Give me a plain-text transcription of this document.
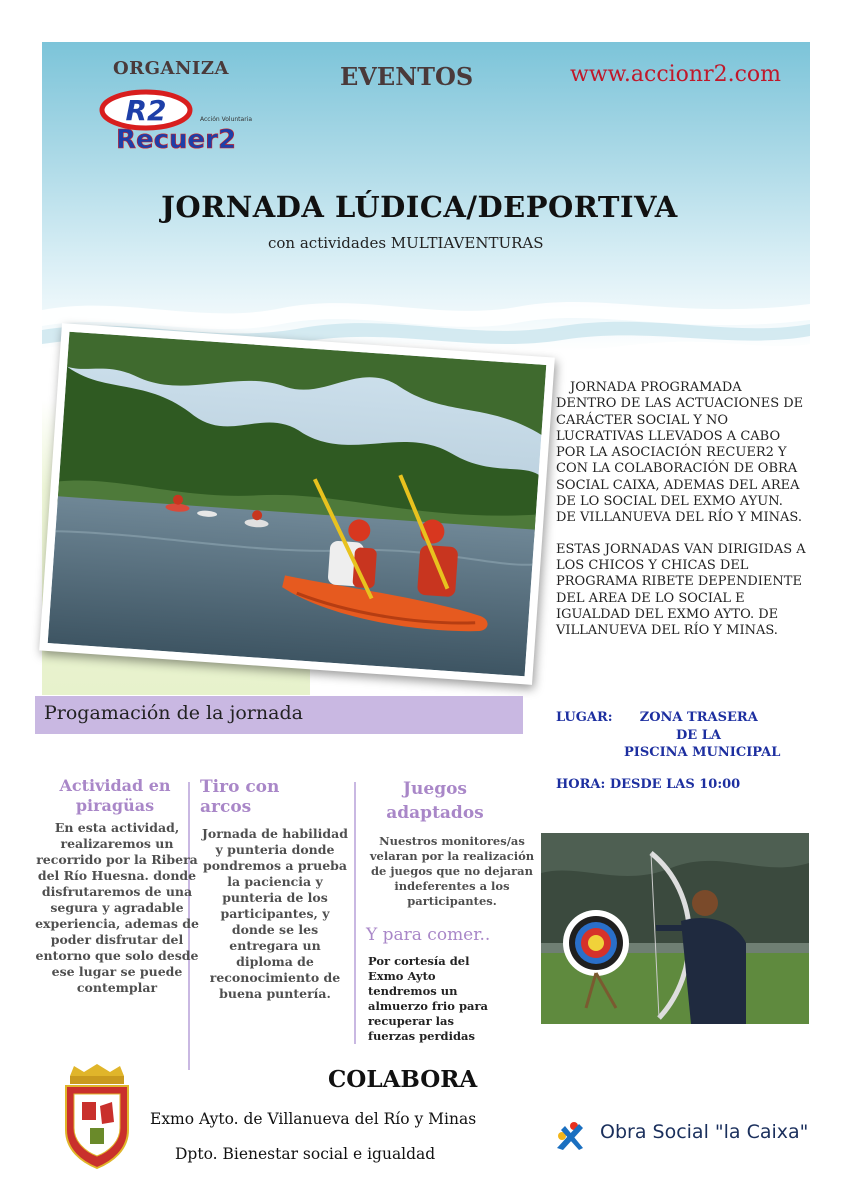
ORGANIZA	EVENTOS	www.accionr2.com
R2	Acción Voluntaria
Recuer2
JORNADA LÚDICA/DEPORTIVA
con actividades MULTIAVENTURAS

JORNADA PROGRAMADA DENTRO DE LAS ACTUACIONES DE CARÁCTER SOCIAL Y NO LUCRATIVAS LLEVADOS A CABO POR LA ASOCIACIÓN RECUER2 Y CON LA COLABORACIÓN DE OBRA SOCIAL CAIXA, ADEMAS DEL AREA DE LO SOCIAL DEL EXMO AYUN. DE VILLANUEVA DEL RÍO Y MINAS.

ESTAS JORNADAS VAN DIRIGIDAS A LOS CHICOS Y CHICAS DEL PROGRAMA RIBETE DEPENDIENTE DEL AREA DE LO SOCIAL E IGUALDAD DEL EXMO AYTO. DE VILLANUEVA DEL RÍO Y MINAS.

Progamación de la jornada	LUGAR: ZONA TRASERA
DE LA
PISCINA MUNICIPAL
HORA: DESDE LAS 10:00
Actividad en piragüas
En esta actividad, realizaremos un recorrido por la Ribera del Río Huesna. donde disfrutaremos de una segura y agradable experiencia, ademas de poder disfrutar del entorno que solo desde ese lugar se puede contemplar
Tiro con arcos
Jornada de habilidad y punteria donde pondremos a prueba la paciencia y punteria de los participantes, y donde se les entregara un diploma de reconocimiento de buena puntería.
Juegos adaptados
Nuestros monitores/as velaran por la realización de juegos que no dejaran indeferentes a los participantes.
Y para comer..
Por cortesía del Exmo Ayto tendremos un almuerzo frio para recuperar las fuerzas perdidas
COLABORA
Exmo Ayto. de Villanueva del Río y Minas
Dpto. Bienestar social e igualdad
Obra Social "la Caixa"
